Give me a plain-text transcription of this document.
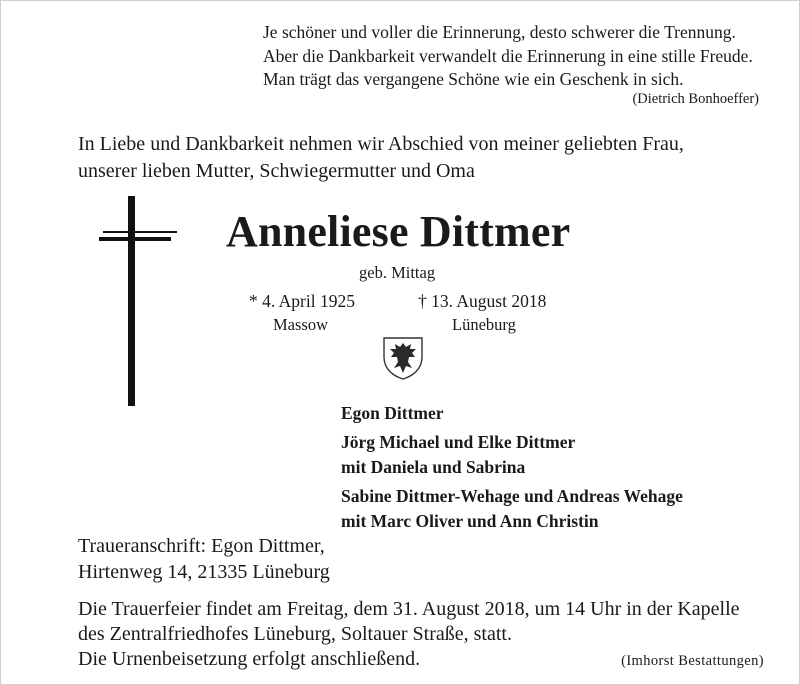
Je schöner und voller die Erinnerung, desto schwerer die Trennung.
Aber die Dankbarkeit verwandelt die Erinnerung in eine stille Freude.
Man trägt das vergangene Schöne wie ein Geschenk in sich.
(Dietrich Bonhoeffer)
In Liebe und Dankbarkeit nehmen wir Abschied von meiner geliebten Frau,
unserer lieben Mutter, Schwiegermutter und Oma
Anneliese Dittmer
geb. Mittag
* 4. April 1925
Massow
† 13. August 2018
Lüneburg
Egon Dittmer
Jörg Michael und Elke Dittmer
mit Daniela und Sabrina
Sabine Dittmer-Wehage und Andreas Wehage
mit Marc Oliver und Ann Christin
Traueranschrift: Egon Dittmer,
Hirtenweg 14, 21335 Lüneburg
Die Trauerfeier findet am Freitag, dem 31. August 2018, um 14 Uhr in der Kapelle
des Zentralfriedhofes Lüneburg, Soltauer Straße, statt.
Die Urnenbeisetzung erfolgt anschließend.	(Imhorst Bestattungen)
